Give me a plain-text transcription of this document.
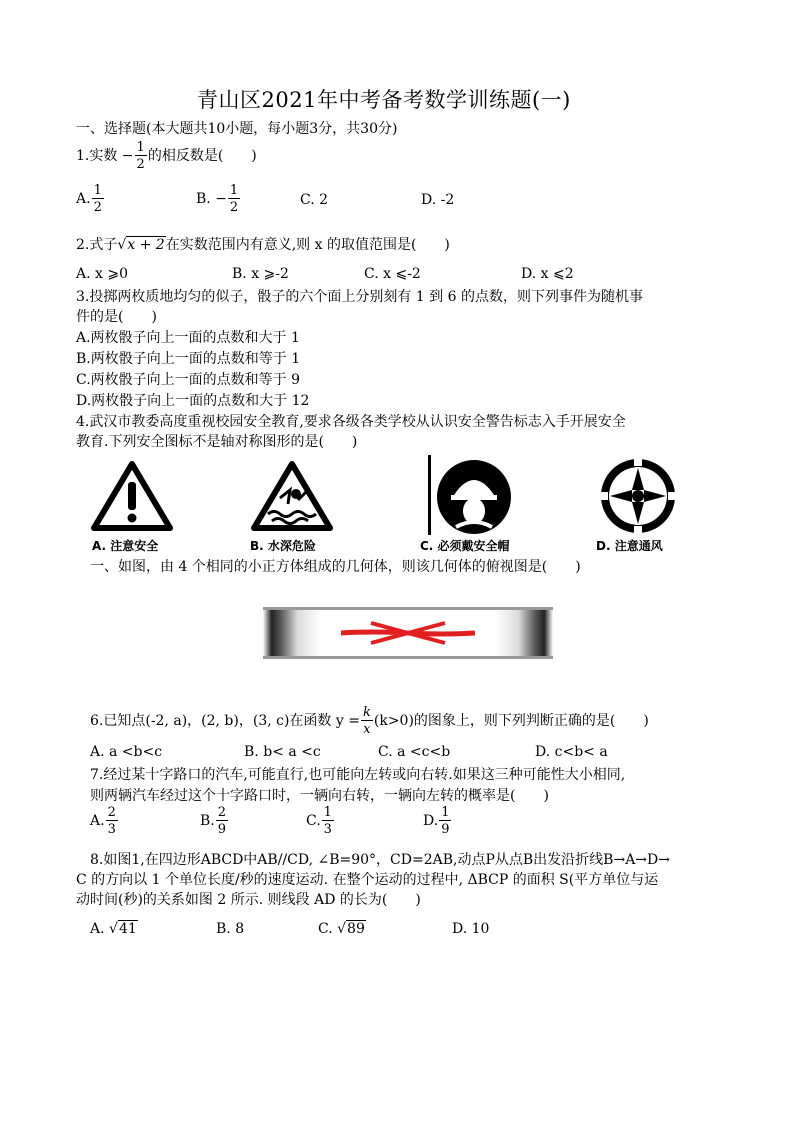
青山区2021年中考备考数学训练题(一)
一、选择题(本大题共10小题，每小题3分，共30分)
1.实数 − $\frac{1}{2}$ 的相反数是(　　)
A. $\frac{1}{2}$	B. − $\frac{1}{2}$	C. 2	D. -2
2.式子√x + 2在实数范围内有意义,则 x 的取值范围是(　　)
A. x ⩾0	B. x ⩾-2	C. x ⩽-2	D. x ⩽2
3.投掷两枚质地均匀的似子，骰子的六个面上分别刻有 1 到 6 的点数，则下列事件为随机事
件的是(　　)
A.两枚骰子向上一面的点数和大于 1
B.两枚骰子向上一面的点数和等于 1
C.两枚骰子向上一面的点数和等于 9
D.两枚骰子向上一面的点数和大于 12
4.武汉市教委高度重视校园安全教育,要求各级各类学校从认识安全警告标志入手开展安全
教育.下列安全图标不是轴对称图形的是(　　)
A. 注意安全	B. 水深危险	C. 必须戴安全帽	D. 注意通风
一、如图，由 4 个相同的小正方体组成的几何体，则该几何体的俯视图是(　　)
6.已知点(-2, a)，(2, b)，(3, c)在函数 $y = \frac{k}{x} (k>0)$的图象上，则下列判断正确的是(　　)
A. a <b<c	B. b< a <c	C. a <c<b	D. c<b< a
7.经过某十字路口的汽车,可能直行,也可能向左转或向右转.如果这三种可能性大小相同,
则两辆汽车经过这个十字路口时，一辆向右转，一辆向左转的概率是(　　)
A. $\frac{2}{3}$	B. $\frac{2}{9}$	C. $\frac{1}{3}$	D. $\frac{1}{9}$
8.如图1,在四边形ABCD中AB//CD, ∠B=90°，CD=2AB,动点P从点B出发沿折线B→A→D→
C 的方向以 1 个单位长度/秒的速度运动. 在整个运动的过程中, ΔBCP 的面积 S(平方单位与运
动时间(秒)的关系如图 2 所示. 则线段 AD 的长为(　　)
A. √41	B. 8	C. √89	D. 10
